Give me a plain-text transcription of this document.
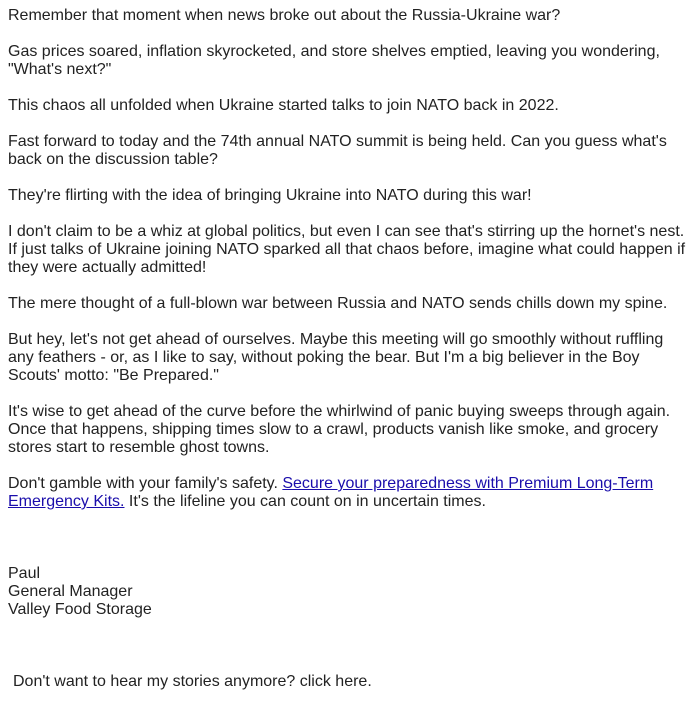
Remember that moment when news broke out about the Russia-Ukraine war?

Gas prices soared, inflation skyrocketed, and store shelves emptied, leaving you wondering, "What's next?"

This chaos all unfolded when Ukraine started talks to join NATO back in 2022.

Fast forward to today and the 74th annual NATO summit is being held. Can you guess what's back on the discussion table?

They're flirting with the idea of bringing Ukraine into NATO during this war!

I don't claim to be a whiz at global politics, but even I can see that's stirring up the hornet's nest. If just talks of Ukraine joining NATO sparked all that chaos before, imagine what could happen if they were actually admitted!

The mere thought of a full-blown war between Russia and NATO sends chills down my spine.

But hey, let's not get ahead of ourselves. Maybe this meeting will go smoothly without ruffling any feathers - or, as I like to say, without poking the bear. But I'm a big believer in the Boy Scouts' motto: "Be Prepared."

It's wise to get ahead of the curve before the whirlwind of panic buying sweeps through again. Once that happens, shipping times slow to a crawl, products vanish like smoke, and grocery stores start to resemble ghost towns.

Don't gamble with your family's safety. Secure your preparedness with Premium Long-Term Emergency Kits. It's the lifeline you can count on in uncertain times.

Paul
General Manager
Valley Food Storage
Don't want to hear my stories anymore? click here.
